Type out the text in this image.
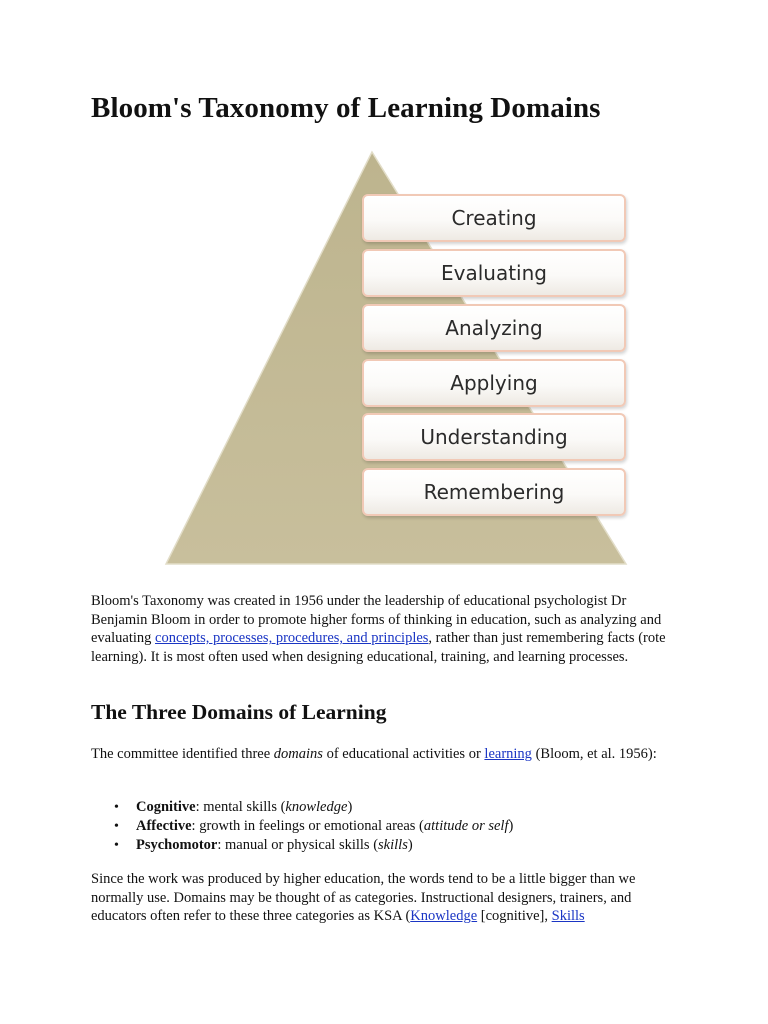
Bloom's Taxonomy of Learning Domains
Creating
Evaluating
Analyzing
Applying
Understanding
Remembering

Bloom's Taxonomy was created in 1956 under the leadership of educational psychologist Dr Benjamin Bloom in order to promote higher forms of thinking in education, such as analyzing and evaluating concepts, processes, procedures, and principles, rather than just remembering facts (rote learning). It is most often used when designing educational, training, and learning processes.

The Three Domains of Learning

The committee identified three domains of educational activities or learning (Bloom, et al. 1956):

• Cognitive: mental skills (knowledge)
• Affective: growth in feelings or emotional areas (attitude or self)
• Psychomotor: manual or physical skills (skills)

Since the work was produced by higher education, the words tend to be a little bigger than we normally use. Domains may be thought of as categories. Instructional designers, trainers, and educators often refer to these three categories as KSA (Knowledge [cognitive], Skills
